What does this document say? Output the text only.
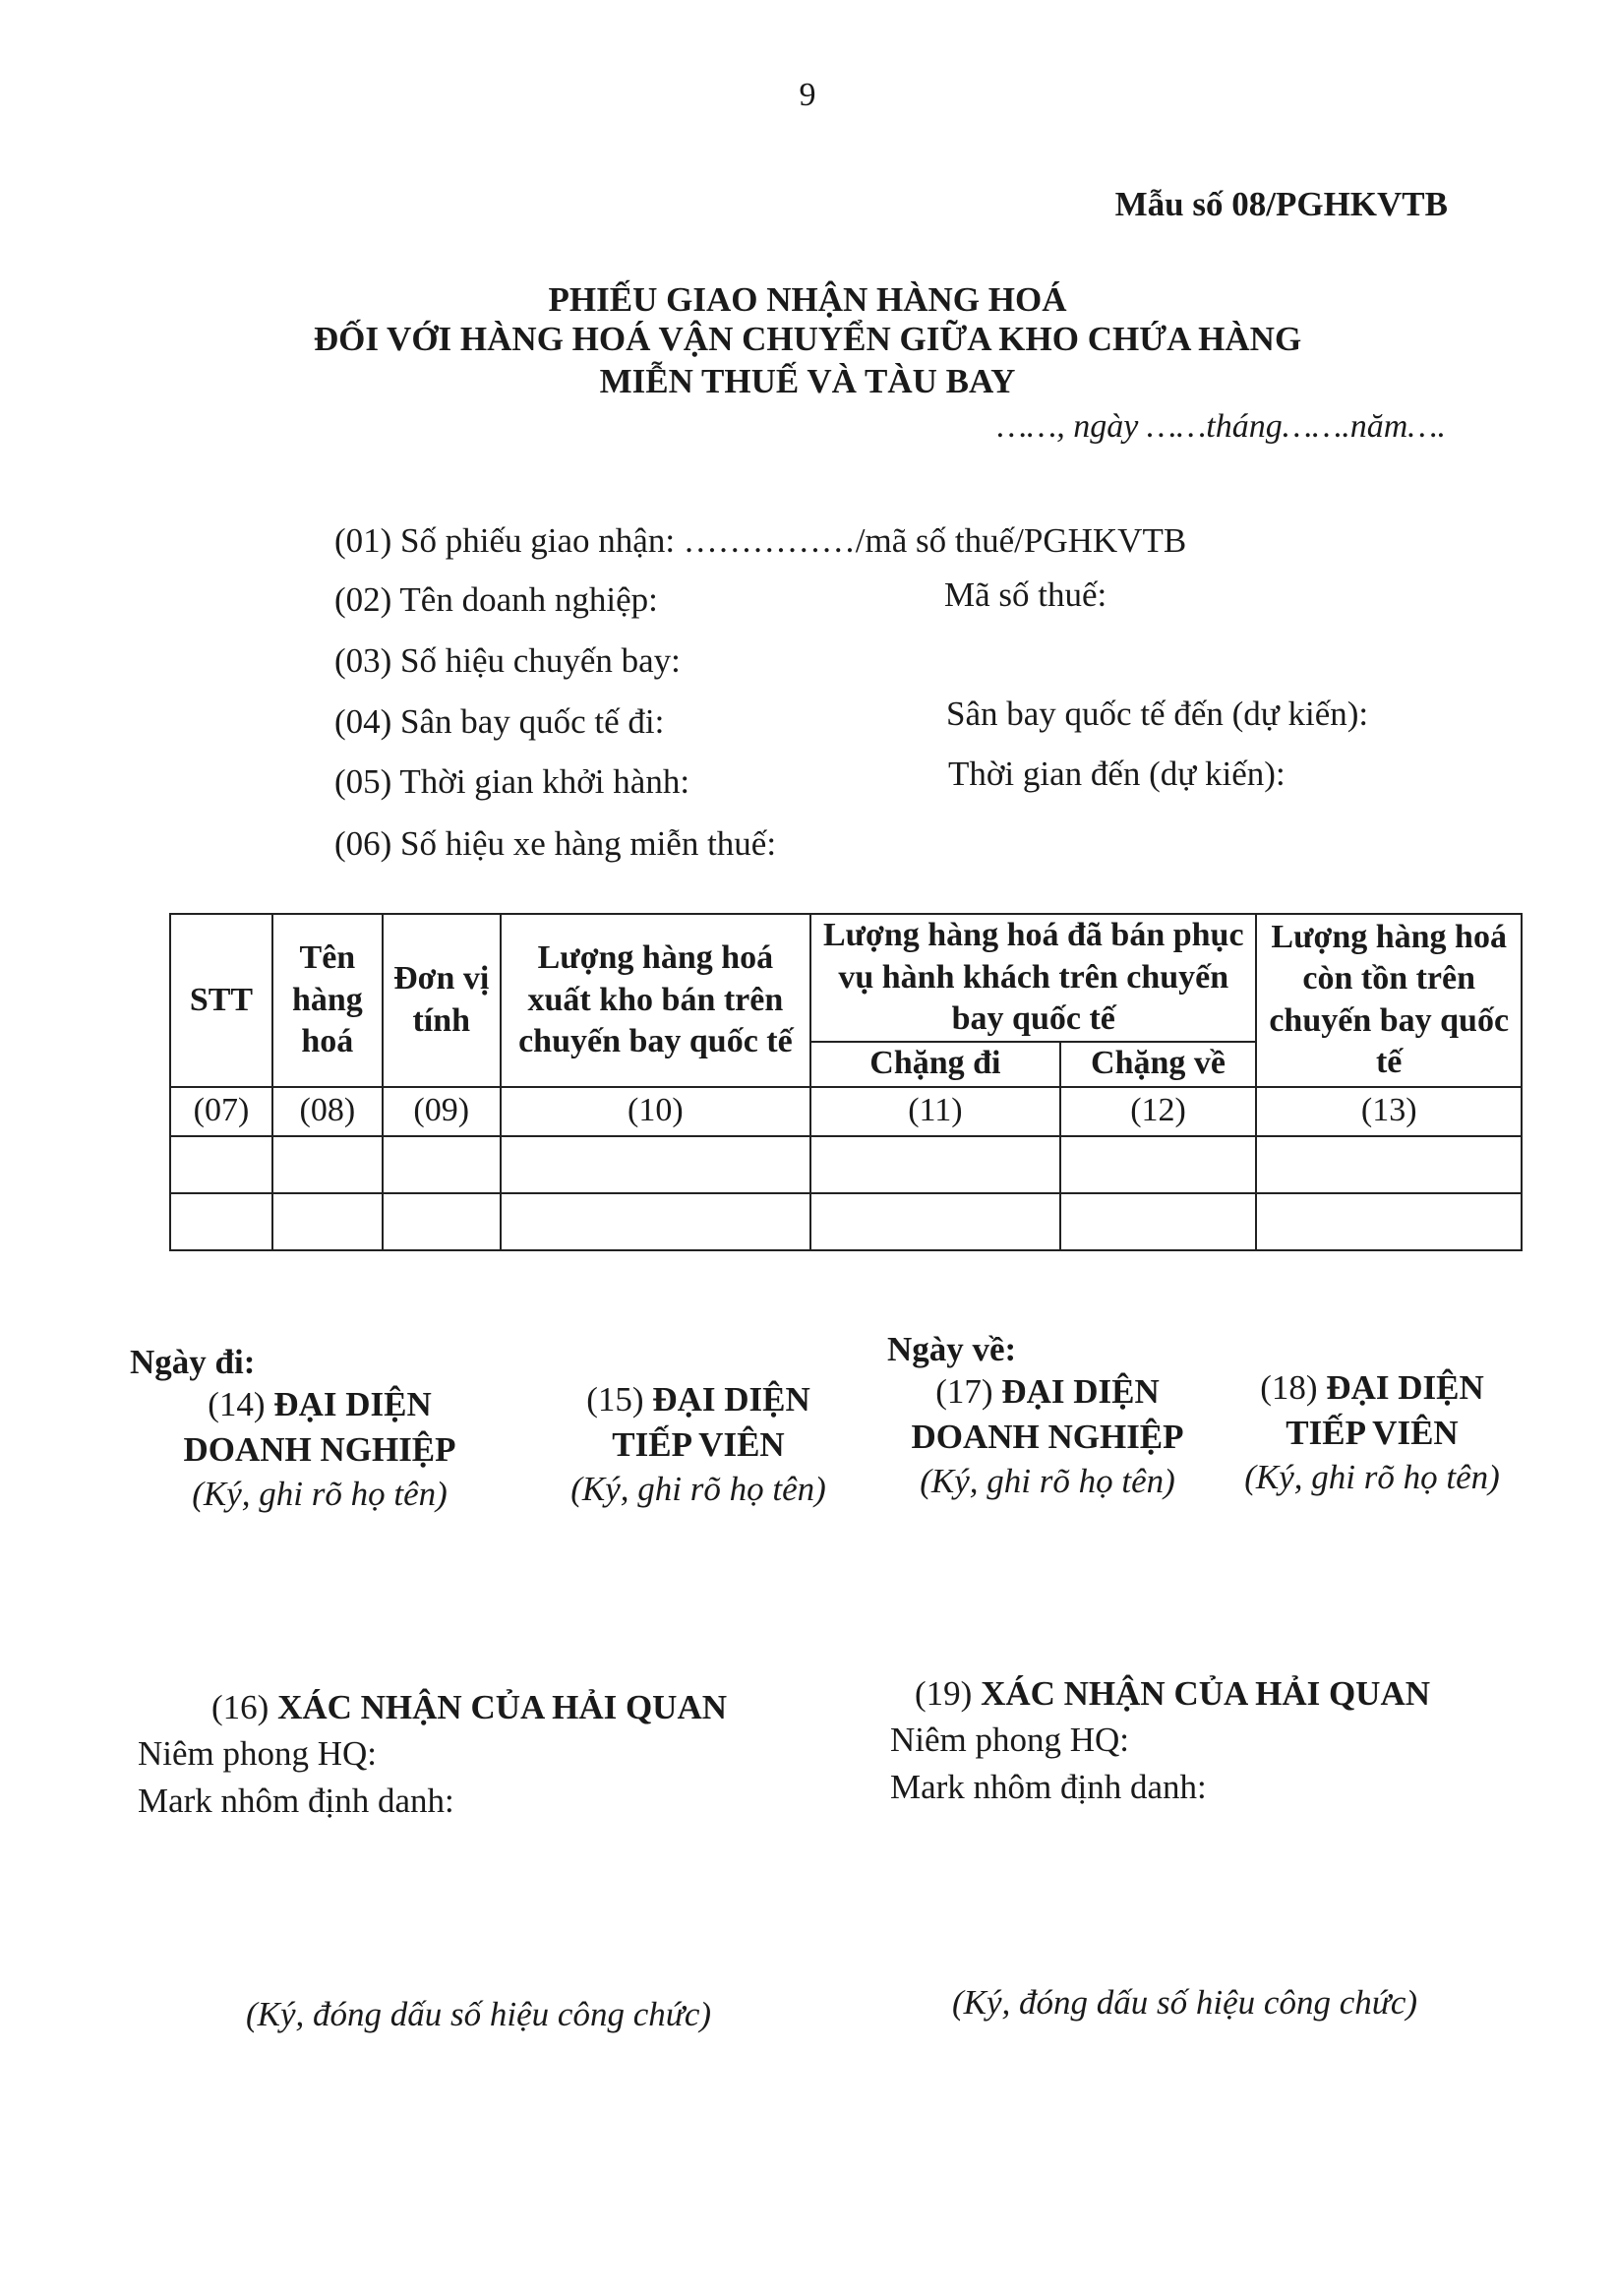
9
Mẫu số 08/PGHKVTB
PHIẾU GIAO NHẬN HÀNG HOÁ
ĐỐI VỚI HÀNG HOÁ VẬN CHUYỂN GIỮA KHO CHỨA HÀNG
MIỄN THUẾ VÀ TÀU BAY
……, ngày ……tháng…….năm….
(01) Số phiếu giao nhận: ……………/mã số thuế/PGHKVTB
(02) Tên doanh nghiệp:	Mã số thuế:
(03) Số hiệu chuyến bay:
(04) Sân bay quốc tế đi:	Sân bay quốc tế đến (dự kiến):
(05) Thời gian khởi hành:	Thời gian đến (dự kiến):
(06) Số hiệu xe hàng miễn thuế:
STT	Tên hàng hoá	Đơn vị tính	Lượng hàng hoá xuất kho bán trên chuyến bay quốc tế	Lượng hàng hoá đã bán phục vụ hành khách trên chuyến bay quốc tế		Lượng hàng hoá còn tồn trên chuyến bay quốc tế
				Chặng đi	Chặng về	
(07)	(08)	(09)	(10)	(11)	(12)	(13)

Ngày đi:	Ngày về:
(14) ĐẠI DIỆN
DOANH NGHIỆP
(Ký, ghi rõ họ tên)
(15) ĐẠI DIỆN
TIẾP VIÊN
(Ký, ghi rõ họ tên)
(17) ĐẠI DIỆN
DOANH NGHIỆP
(Ký, ghi rõ họ tên)
(18) ĐẠI DIỆN
TIẾP VIÊN
(Ký, ghi rõ họ tên)
(16) XÁC NHẬN CỦA HẢI QUAN
Niêm phong HQ:
Mark nhôm định danh:
(Ký, đóng dấu số hiệu công chức)
(19) XÁC NHẬN CỦA HẢI QUAN
Niêm phong HQ:
Mark nhôm định danh:
(Ký, đóng dấu số hiệu công chức)
